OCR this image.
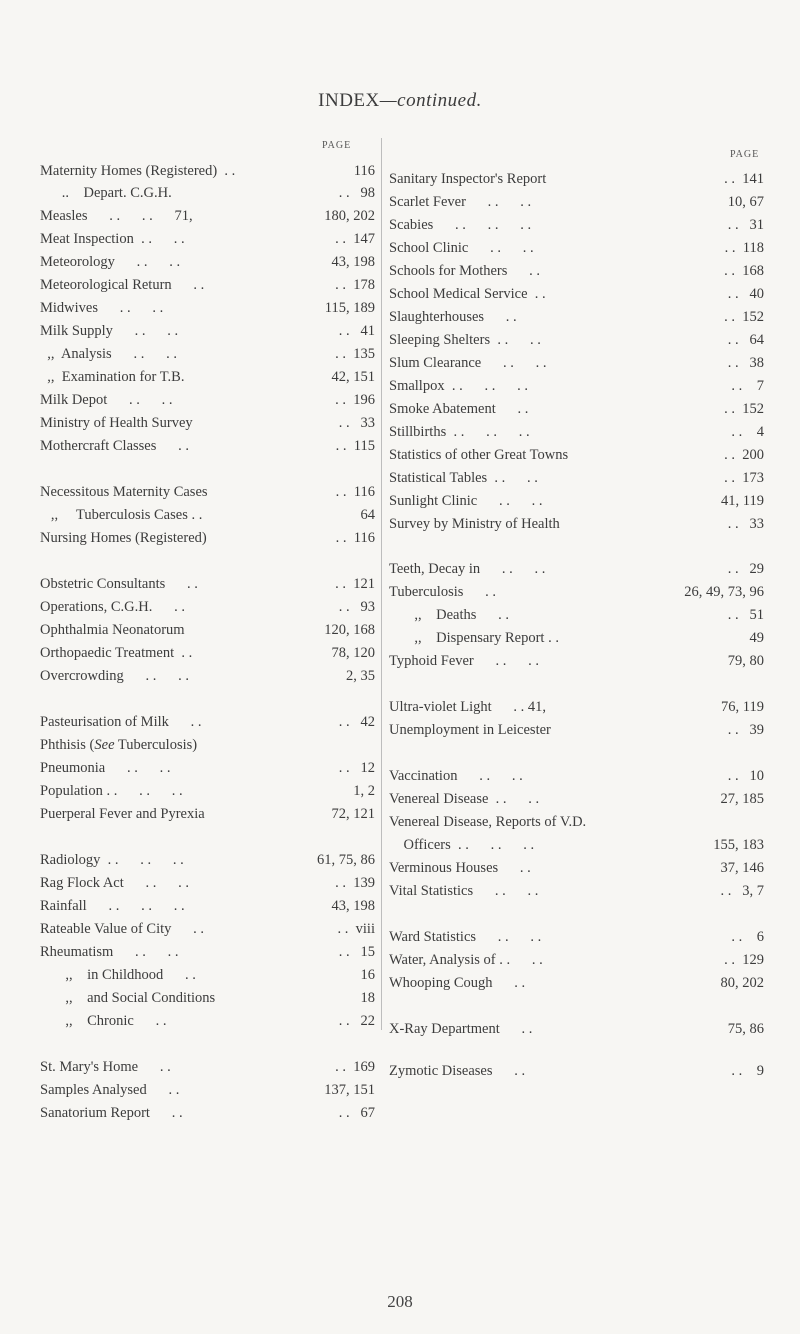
INDEX—continued.
PAGE
PAGE
Maternity Homes (Registered)  . .	116
..    Depart. C.G.H.	. .   98
Measles      . .      . .      71,	180, 202
Meat Inspection  . .      . .	. .  147
Meteorology      . .      . .	43, 198
Meteorological Return      . .	. .  178
Midwives      . .      . .	115, 189
Milk Supply      . .      . .	. .   41
,,  Analysis      . .      . .	. .  135
,,  Examination for T.B.	42, 151
Milk Depot      . .      . .	. .  196
Ministry of Health Survey	. .   33
Mothercraft Classes      . .	. .  115
Necessitous Maternity Cases	. .  116
,,     Tuberculosis Cases . .	64
Nursing Homes (Registered)	. .  116
Obstetric Consultants      . .	. .  121
Operations, C.G.H.      . .	. .   93
Ophthalmia Neonatorum	120, 168
Orthopaedic Treatment  . .	78, 120
Overcrowding      . .      . .	2, 35
Pasteurisation of Milk      . .	. .   42
Phthisis (See Tuberculosis)
Pneumonia      . .      . .	. .   12
Population . .      . .      . .	1, 2
Puerperal Fever and Pyrexia	72, 121
Radiology  . .      . .      . .	61, 75, 86
Rag Flock Act      . .      . .	. .  139
Rainfall      . .      . .      . .	43, 198
Rateable Value of City      . .	. .  viii
Rheumatism      . .      . .	. .   15
,,    in Childhood      . .	16
,,    and Social Conditions	18
,,    Chronic      . .	. .   22
St. Mary's Home      . .	. .  169
Samples Analysed      . .	137, 151
Sanatorium Report      . .	. .   67
Sanitary Inspector's Report	. .  141
Scarlet Fever      . .      . .	10, 67
Scabies      . .      . .      . .	. .   31
School Clinic      . .      . .	. .  118
Schools for Mothers      . .	. .  168
School Medical Service  . .	. .   40
Slaughterhouses      . .	. .  152
Sleeping Shelters  . .      . .	. .   64
Slum Clearance      . .      . .	. .   38
Smallpox  . .      . .      . .	. .    7
Smoke Abatement      . .	. .  152
Stillbirths  . .      . .      . .	. .    4
Statistics of other Great Towns	. .  200
Statistical Tables  . .      . .	. .  173
Sunlight Clinic      . .      . .	41, 119
Survey by Ministry of Health	. .   33
Teeth, Decay in      . .      . .	. .   29
Tuberculosis      . .	26, 49, 73, 96
,,    Deaths      . .	. .   51
,,    Dispensary Report . .	49
Typhoid Fever      . .      . .	79, 80
Ultra-violet Light      . . 41,	76, 119
Unemployment in Leicester	. .   39
Vaccination      . .      . .	. .   10
Venereal Disease  . .      . .	27, 185
Venereal Disease, Reports of V.D.
Officers  . .      . .      . .	155, 183
Verminous Houses      . .	37, 146
Vital Statistics      . .      . .	. .   3, 7
Ward Statistics      . .      . .	. .    6
Water, Analysis of . .      . .	. .  129
Whooping Cough      . .	80, 202
X-Ray Department      . .	75, 86
Zymotic Diseases      . .	. .    9
208
